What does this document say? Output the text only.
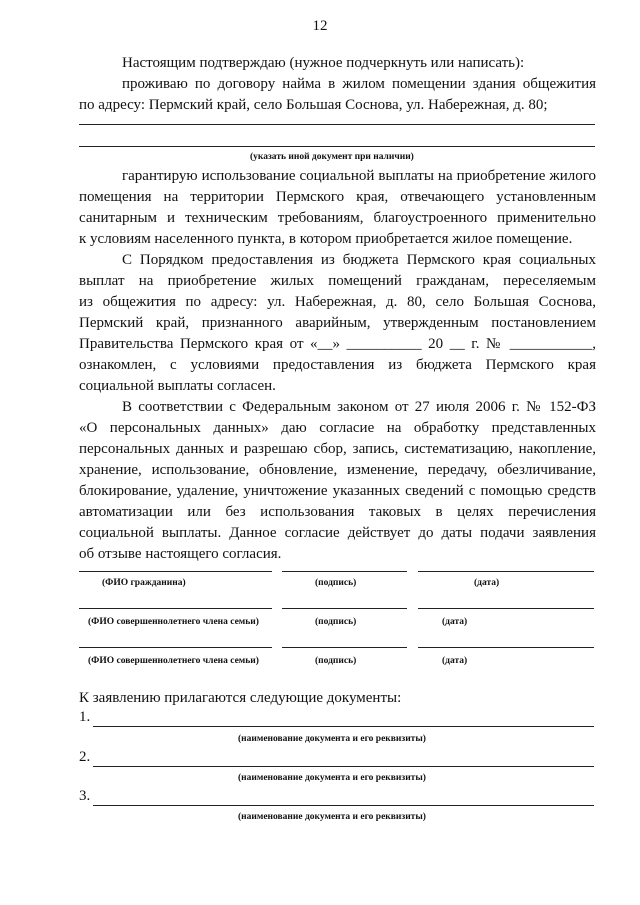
12
Настоящим подтверждаю (нужное подчеркнуть или написать):
проживаю по договору найма в жилом помещении здания общежития
по адресу: Пермский край, село Большая Соснова, ул. Набережная, д. 80;
(указать иной документ при наличии)
гарантирую использование социальной выплаты на приобретение жилого
помещения на территории Пермского края, отвечающего установленным
санитарным и техническим требованиям, благоустроенного применительно
к условиям населенного пункта, в котором приобретается жилое помещение.
С Порядком предоставления из бюджета Пермского края социальных
выплат на приобретение жилых помещений гражданам, переселяемым
из общежития по адресу: ул. Набережная, д. 80, село Большая Соснова,
Пермский край, признанного аварийным, утвержденным постановлением
Правительства Пермского края от «__» __________ 20 __ г. № ___________,
ознакомлен, с условиями предоставления из бюджета Пермского края
социальной выплаты согласен.
В соответствии с Федеральным законом от 27 июля 2006 г. № 152-ФЗ
«О персональных данных» даю согласие на обработку представленных
персональных данных и разрешаю сбор, запись, систематизацию, накопление,
хранение, использование, обновление, изменение, передачу, обезличивание,
блокирование, удаление, уничтожение указанных сведений с помощью средств
автоматизации или без использования таковых в целях перечисления
социальной выплаты. Данное согласие действует до даты подачи заявления
об отзыве настоящего согласия.
(ФИО гражданина)	(подпись)	(дата)
(ФИО совершеннолетнего члена семьи)	(подпись)	(дата)
(ФИО совершеннолетнего члена семьи)	(подпись)	(дата)
К заявлению прилагаются следующие документы:
1.
(наименование документа и его реквизиты)
2.
(наименование документа и его реквизиты)
3.
(наименование документа и его реквизиты)
